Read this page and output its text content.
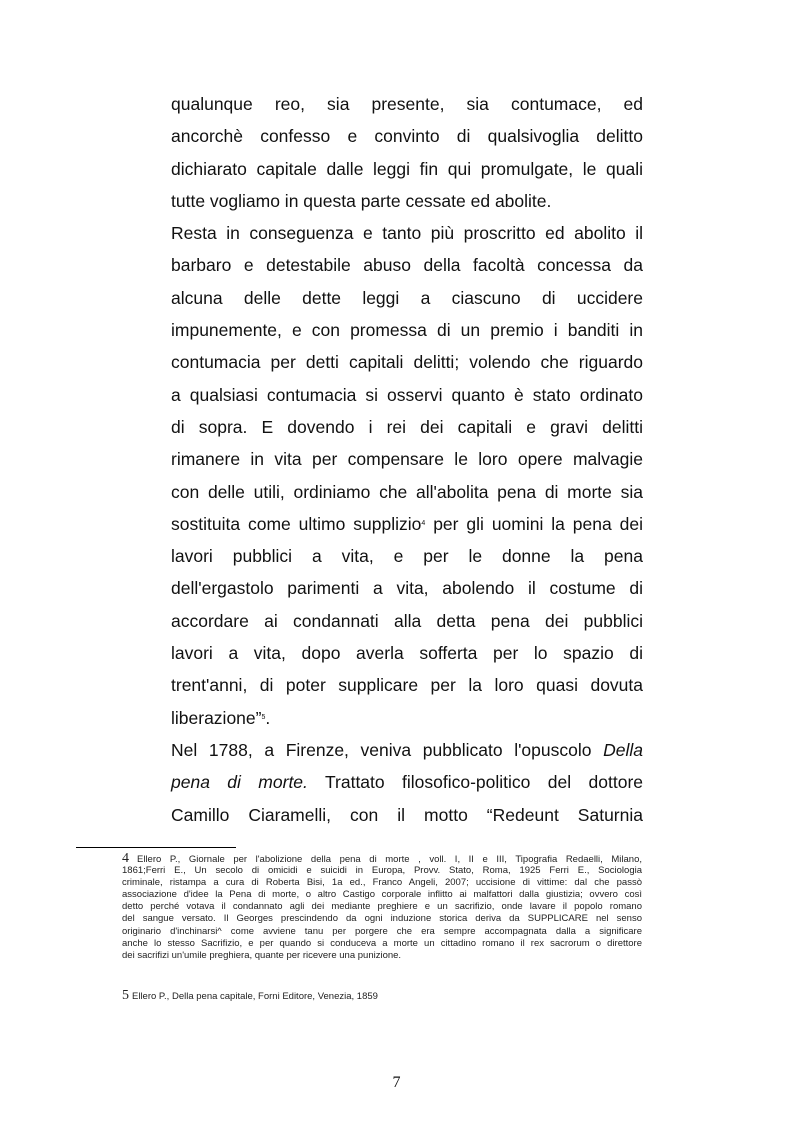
qualunque reo, sia presente, sia contumace, ed
ancorchè confesso e convinto di qualsivoglia delitto
dichiarato capitale dalle leggi fin qui promulgate, le quali
tutte vogliamo in questa parte cessate ed abolite.
Resta in conseguenza e tanto più proscritto ed abolito il
barbaro e detestabile abuso della facoltà concessa da
alcuna delle dette leggi a ciascuno di uccidere
impunemente, e con promessa di un premio i banditi in
contumacia per detti capitali delitti; volendo che riguardo
a qualsiasi contumacia si osservi quanto è stato ordinato
di sopra. E dovendo i rei dei capitali e gravi delitti
rimanere in vita per compensare le loro opere malvagie
con delle utili, ordiniamo che all'abolita pena di morte sia
sostituita come ultimo supplizio$^4$ per gli uomini la pena dei
lavori pubblici a vita, e per le donne la pena
dell'ergastolo parimenti a vita, abolendo il costume di
accordare ai condannati alla detta pena dei pubblici
lavori a vita, dopo averla sofferta per lo spazio di
trent'anni, di poter supplicare per la loro quasi dovuta
liberazione”$^5$.
Nel 1788, a Firenze, veniva pubblicato l'opuscolo Della
pena di morte. Trattato filosofico-politico del dottore
Camillo Ciaramelli, con il motto “Redeunt Saturnia
4 Ellero P., Giornale per l'abolizione della pena di morte , voll. I, II e III, Tipografia Redaelli, Milano,
1861;Ferri E., Un secolo di omicidi e suicidi in Europa, Provv. Stato, Roma, 1925 Ferri E., Sociologia
criminale, ristampa a cura di Roberta Bisi, 1a ed., Franco Angeli, 2007; uccisione di vittime: dal che passò
associazione d'idee la Pena di morte, o altro Castigo corporale inflitto ai malfattori dalla giustizia; ovvero così
detto perché votava il condannato agli dei mediante preghiere e un sacrifizio, onde lavare il popolo romano
del sangue versato. Il Georges prescindendo da ogni induzione storica deriva da SUPPLICARE nel senso
originario d'inchinarsi^ come avviene tanu per porgere che era sempre accompagnata dalla a significare
anche lo stesso Sacrifizio, e per quando si conduceva a morte un cittadino romano il rex sacrorum o direttore
dei sacrifizi un'umile preghiera, quante per ricevere una punizione.
5 Ellero P., Della pena capitale, Forni Editore, Venezia, 1859
7
